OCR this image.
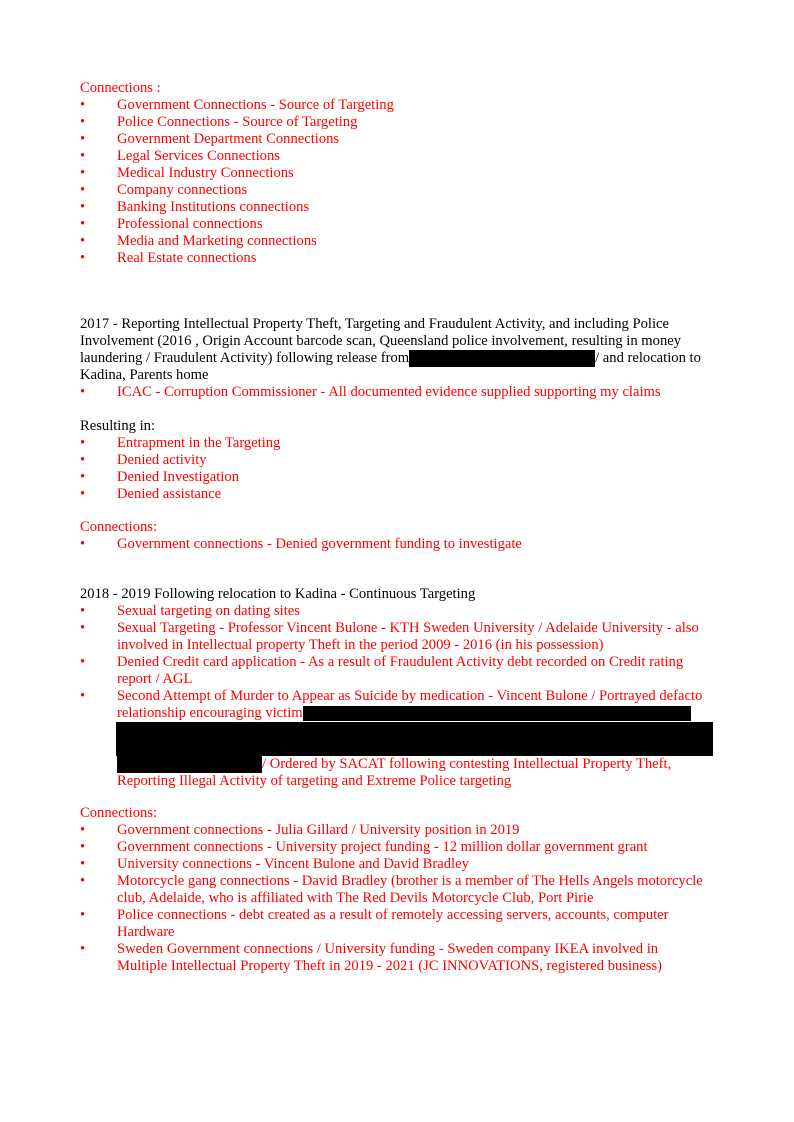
Connections :
•	Government Connections - Source of Targeting
•	Police Connections - Source of Targeting
•	Government Department Connections
•	Legal Services Connections
•	Medical Industry Connections
•	Company connections
•	Banking Institutions connections
•	Professional connections
•	Media and Marketing connections
•	Real Estate connections
2017 - Reporting Intellectual Property Theft, Targeting and Fraudulent Activity, and including Police
Involvement (2016 , Origin Account barcode scan, Queensland police involvement, resulting in money
laundering / Fraudulent Activity) following release from	/ and relocation to
Kadina, Parents home
•	ICAC - Corruption Commissioner - All documented evidence supplied supporting my claims
Resulting in:
•	Entrapment in the Targeting
•	Denied activity
•	Denied Investigation
•	Denied assistance
Connections:
•	Government connections - Denied government funding to investigate
2018 - 2019 Following relocation to Kadina - Continuous Targeting
•	Sexual targeting on dating sites
•	Sexual Targeting - Professor Vincent Bulone - KTH Sweden University / Adelaide University - also
involved in Intellectual property Theft in the period 2009 - 2016 (in his possession)
•	Denied Credit card application - As a result of Fraudulent Activity debt recorded on Credit rating
report / AGL
•	Second Attempt of Murder to Appear as Suicide by medication - Vincent Bulone / Portrayed defacto
relationship encouraging victim
/ Ordered by SACAT following contesting Intellectual Property Theft,
Reporting Illegal Activity of targeting and Extreme Police targeting
Connections:
•	Government connections - Julia Gillard / University position in 2019
•	Government connections - University project funding - 12 million dollar government grant
•	University connections - Vincent Bulone and David Bradley
•	Motorcycle gang connections - David Bradley (brother is a member of The Hells Angels motorcycle
club, Adelaide, who is affiliated with The Red Devils Motorcycle Club, Port Pirie
•	Police connections - debt created as a result of remotely accessing servers, accounts, computer
Hardware
•	Sweden Government connections / University funding - Sweden company IKEA involved in
Multiple Intellectual Property Theft in 2019 - 2021 (JC INNOVATIONS, registered business)
